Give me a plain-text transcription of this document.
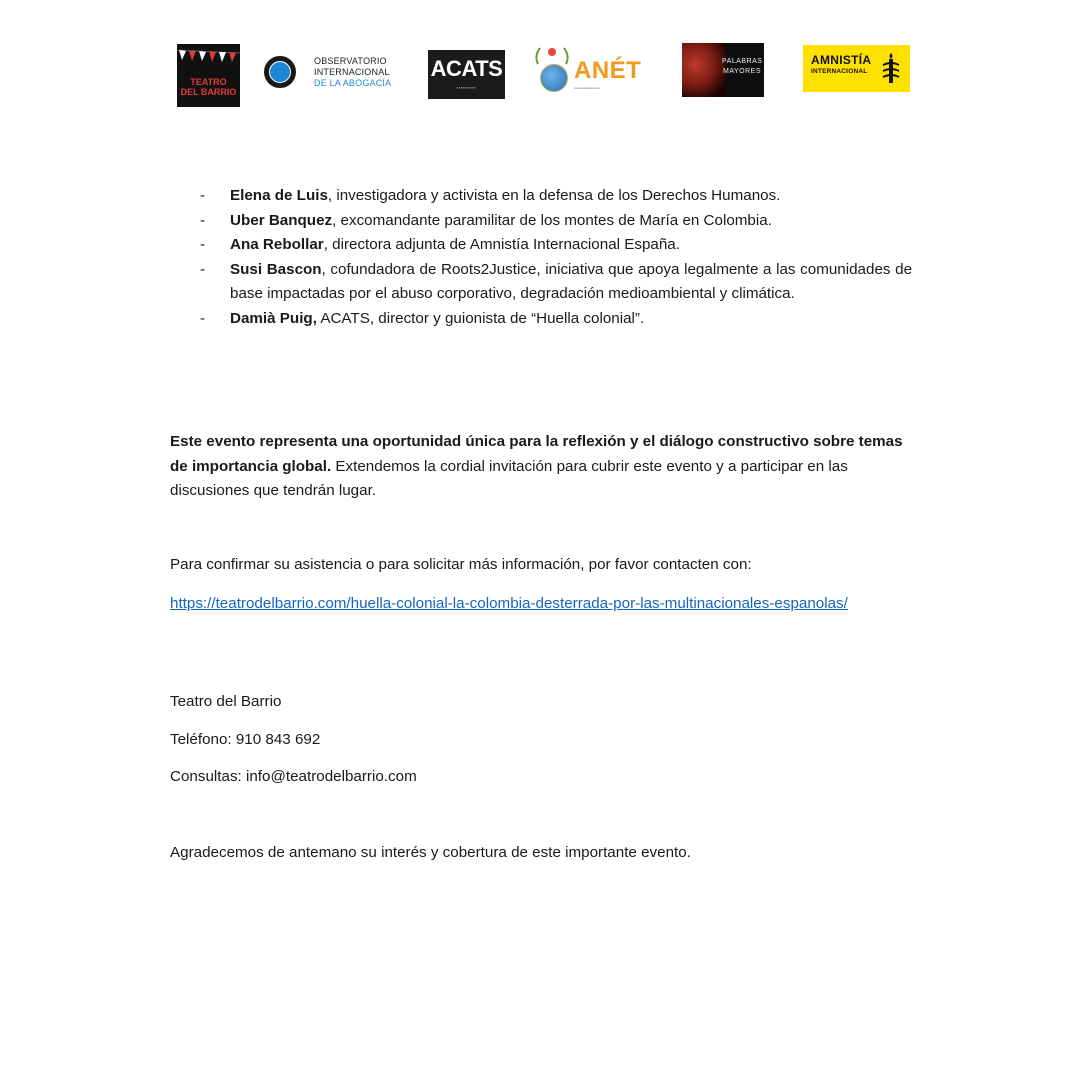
TEATRO
DEL BARRIO
OBSERVATORIO
INTERNACIONAL
DE LA ABOGACÍA
ACATS
▪▪▪▪▪▪▪▪▪▪
ANÉT
▪▪▪▪▪▪▪▪▪▪▪▪▪▪▪▪▪▪▪▪▪▪▪▪
PALABRAS
MAYORES
AMNISTÍA
INTERNACIONAL
- Elena de Luis, investigadora y activista en la defensa de los Derechos Humanos.
- Uber Banquez, excomandante paramilitar de los montes de María en Colombia.
- Ana Rebollar, directora adjunta de Amnistía Internacional España.
- Susi Bascon, cofundadora de Roots2Justice, iniciativa que apoya legalmente a las comunidades de base impactadas por el abuso corporativo, degradación medioambiental y climática.
- Damià Puig, ACATS, director y guionista de “Huella colonial”.
Este evento representa una oportunidad única para la reflexión y el diálogo constructivo sobre temas de importancia global. Extendemos la cordial invitación para cubrir este evento y a participar en las discusiones que tendrán lugar.
Para confirmar su asistencia o para solicitar más información, por favor contacten con:
https://teatrodelbarrio.com/huella-colonial-la-colombia-desterrada-por-las-multinacionales-espanolas/
Teatro del Barrio
Teléfono: 910 843 692
Consultas: info@teatrodelbarrio.com
Agradecemos de antemano su interés y cobertura de este importante evento.
